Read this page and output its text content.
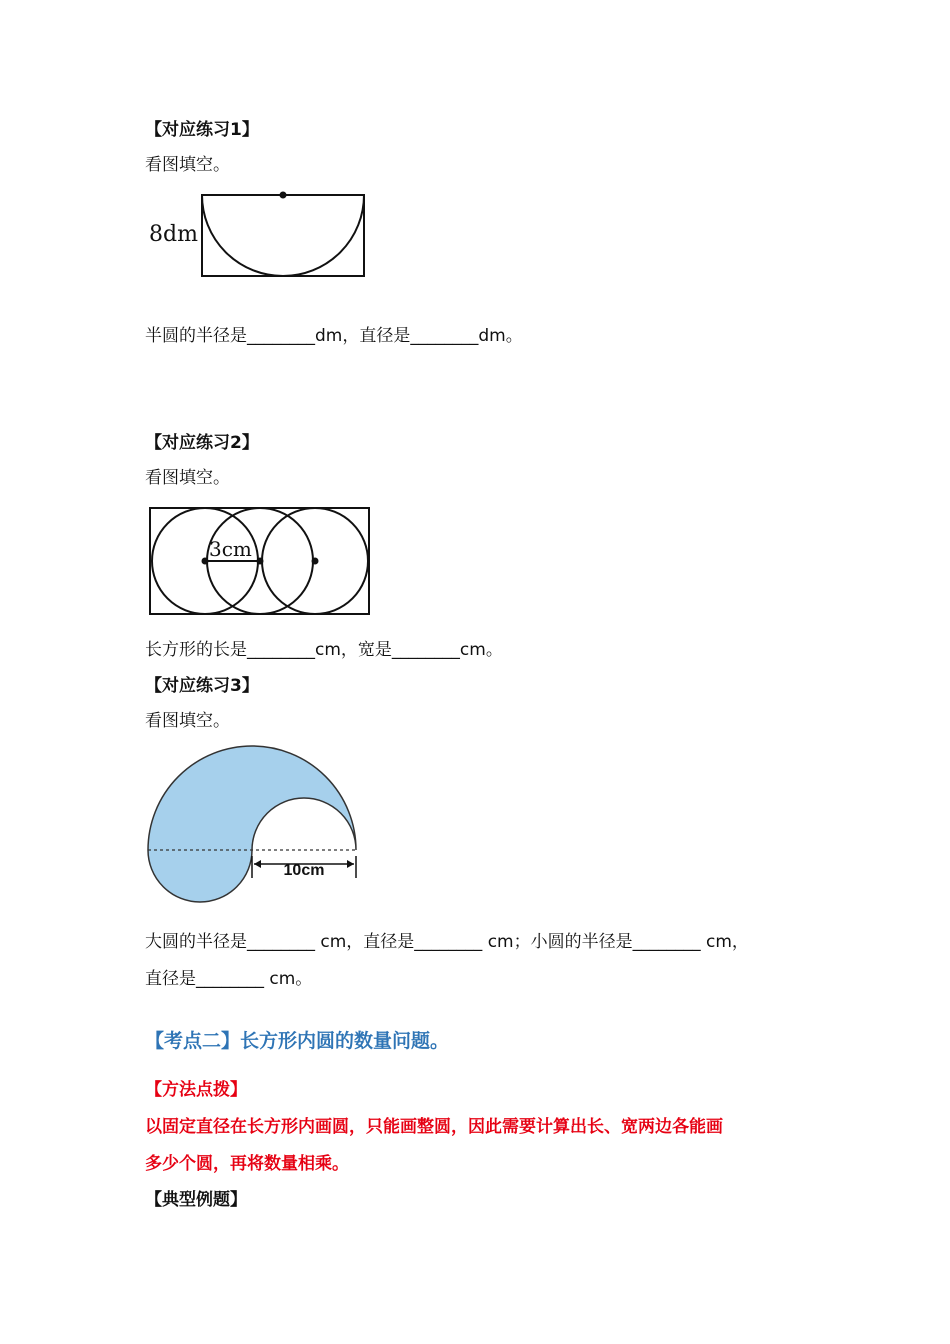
【对应练习1】
看图填空。
8dm
半圆的半径是________dm，直径是________dm。
【对应练习2】
看图填空。
3cm
长方形的长是________cm，宽是________cm。
【对应练习3】
看图填空。
10cm
大圆的半径是________ cm，直径是________ cm；小圆的半径是________ cm，
直径是________ cm。
【考点二】长方形内圆的数量问题。
【方法点拨】
以固定直径在长方形内画圆，只能画整圆，因此需要计算出长、宽两边各能画
多少个圆，再将数量相乘。
【典型例题】
